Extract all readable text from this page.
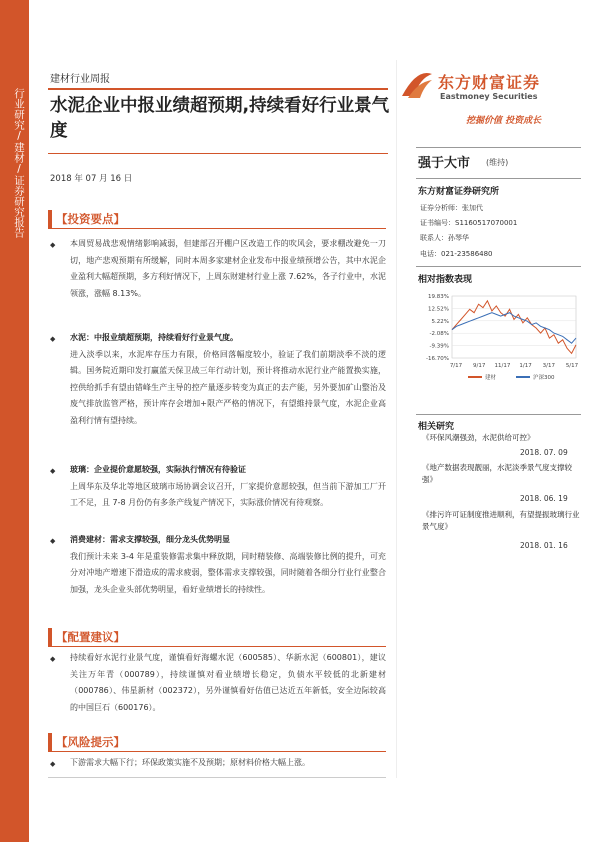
行业研究/建材/证券研究报告
建材行业周报
水泥企业中报业绩超预期,持续看好行业景气度
2018 年 07 月 16 日
东方财富证券
Eastmoney Securities
挖掘价值 投资成长
强于大市 (维持)
东方财富证券研究所
证券分析师：张加代
证书编号：S1160517070001
联系人：孙琴华
电话：021-23586480
相对指数表现
19.83%
12.52%
5.22%
-2.08%
-9.39%
-16.70%
7/17 9/17 11/17 1/17 3/17 5/17
建材	沪深300
相关研究
《环保风潮强劲，水泥供给可控》
2018. 07. 09
《地产数据表现靓丽，水泥淡季景气度支撑较强》
2018. 06. 19
《排污许可证制度推进顺利，有望提振玻璃行业景气度》
2018. 01. 16
【投资要点】
◆ 本周贸易战悲观情绪影响减弱，但建部召开棚户区改造工作的吹风会，要求棚改避免一刀切，地产悲观预期有所缓解，同时本周多家建材企业发布中报业绩预增公告，其中水泥企业盈利大幅超预期，多方利好情况下，上周东财建材行业上涨 7.62%，各子行业中，水泥领涨，涨幅 8.13%。
◆ 水泥：中报业绩超预期，持续看好行业景气度。
进入淡季以来，水泥库存压力有限，价格回落幅度较小，验证了我们前期淡季不淡的逻辑。国务院近期印发打赢蓝天保卫战三年行动计划，预计将推动水泥行业产能置换实施，控供给抓手有望由错峰生产主导的控产量逐步转变为真正的去产能，另外要加矿山整治及废气排放监管严格，预计库存会增加+限产严格的情况下，有望維持景气度，水泥企业高盈利行情有望持续。
◆ 玻璃：企业提价意愿较强，实际执行情况有待验证
上周华东及华北等地区玻璃市场协调会议召开，厂家提价意愿较强，但当前下游加工厂开工不足，且 7-8 月份仍有多条产线复产情况下，实际涨价情况有待观察。
◆ 消费建材：需求支撑较强，细分龙头优势明显
我们预计未来 3-4 年是重装修需求集中释放期，同时精装修、高端装修比例的提升，可充分对冲地产增速下滑造成的需求疲弱，整体需求支撑较强，同时随着各细分行业行业整合加强，龙头企业头部优势明显，看好业绩增长的持续性。
【配置建议】
◆ 持续看好水泥行业景气度，谨慎看好海螺水泥（600585）、华新水泥（600801），建议关注万年青（000789），持续谨慎对看业绩增长稳定，负债水平较低的北新建材（000786）、伟星新材（002372），另外谨慎看好估值已达近五年新低，安全边际较高的中国巨石（600176）。
【风险提示】
◆ 下游需求大幅下行；环保政策实施不及预期；原材料价格大幅上涨。
